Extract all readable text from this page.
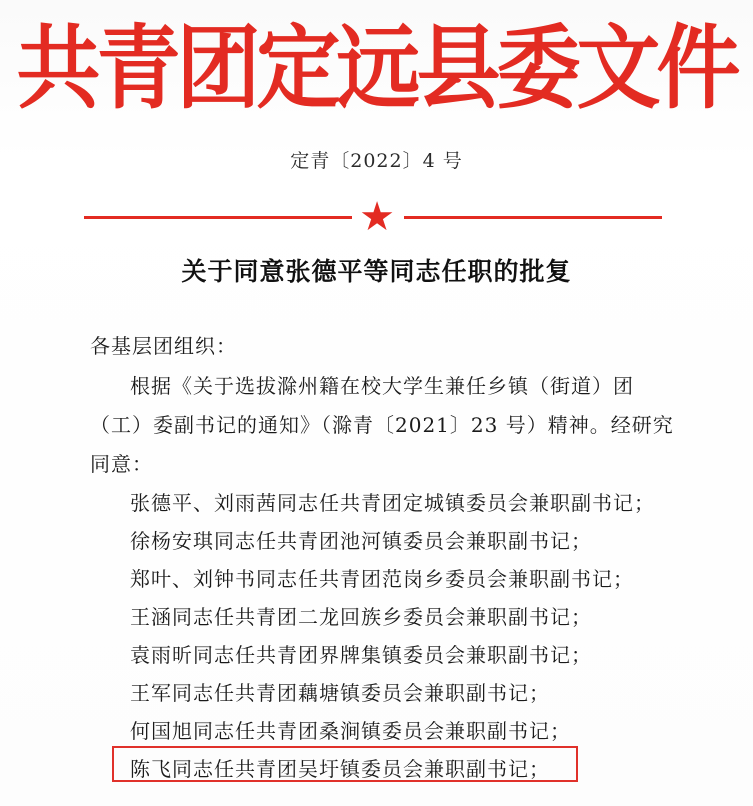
共青团定远县委文件
定青〔2022〕4 号
★
关于同意张德平等同志任职的批复
各基层团组织：
根据《关于选拔滁州籍在校大学生兼任乡镇（街道）团
（工）委副书记的通知》（滁青〔2021〕23 号）精神。经研究
同意：
张德平、刘雨茜同志任共青团定城镇委员会兼职副书记；
徐杨安琪同志任共青团池河镇委员会兼职副书记；
郑叶、刘钟书同志任共青团范岗乡委员会兼职副书记；
王涵同志任共青团二龙回族乡委员会兼职副书记；
袁雨昕同志任共青团界牌集镇委员会兼职副书记；
王军同志任共青团藕塘镇委员会兼职副书记；
何国旭同志任共青团桑涧镇委员会兼职副书记；
陈飞同志任共青团吴圩镇委员会兼职副书记；
